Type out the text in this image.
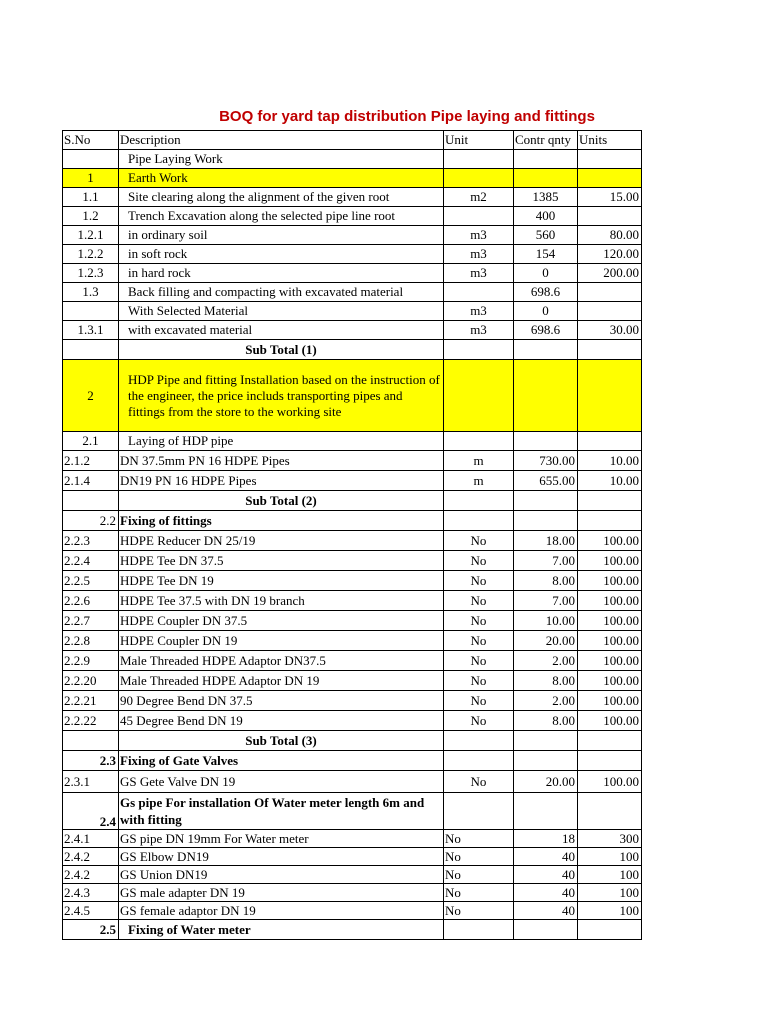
BOQ for yard tap distribution Pipe laying and fittings
S.No	Description	Unit	Contr qnty	Units
	Pipe Laying Work			
1	Earth Work			
1.1	Site clearing along the alignment of the given root	m2	1385	15.00
1.2	Trench Excavation along the selected pipe line root		400	
1.2.1	in ordinary soil	m3	560	80.00
1.2.2	in soft rock	m3	154	120.00
1.2.3	in hard rock	m3	0	200.00
1.3	Back filling and compacting with excavated material		698.6	
	With Selected Material	m3	0	
1.3.1	with excavated material	m3	698.6	30.00
	Sub Total (1)			
2	HDP Pipe and fitting Installation based on the instruction of the engineer, the price includs transporting pipes and fittings from the store to the working site			
2.1	Laying of HDP pipe			
2.1.2	DN 37.5mm PN 16 HDPE Pipes	m	730.00	10.00
2.1.4	DN19 PN 16 HDPE Pipes	m	655.00	10.00
	Sub Total (2)			
2.2	Fixing of fittings			
2.2.3	HDPE Reducer DN 25/19	No	18.00	100.00
2.2.4	HDPE Tee DN 37.5	No	7.00	100.00
2.2.5	HDPE Tee DN 19	No	8.00	100.00
2.2.6	HDPE Tee 37.5 with DN 19 branch	No	7.00	100.00
2.2.7	HDPE Coupler DN 37.5	No	10.00	100.00
2.2.8	HDPE Coupler DN 19	No	20.00	100.00
2.2.9	Male Threaded HDPE Adaptor DN37.5	No	2.00	100.00
2.2.20	Male Threaded HDPE Adaptor DN 19	No	8.00	100.00
2.2.21	90 Degree Bend DN 37.5	No	2.00	100.00
2.2.22	45 Degree Bend DN 19	No	8.00	100.00
	Sub Total (3)			
2.3	Fixing of Gate Valves			
2.3.1	GS Gete Valve DN 19	No	20.00	100.00
2.4	Gs pipe For installation Of Water meter length 6m and with fitting			
2.4.1	GS pipe DN 19mm For Water meter	No	18	300
2.4.2	GS Elbow DN19	No	40	100
2.4.2	GS Union DN19	No	40	100
2.4.3	GS male adapter DN 19	No	40	100
2.4.5	GS female adaptor DN 19	No	40	100
2.5	Fixing of Water meter			
